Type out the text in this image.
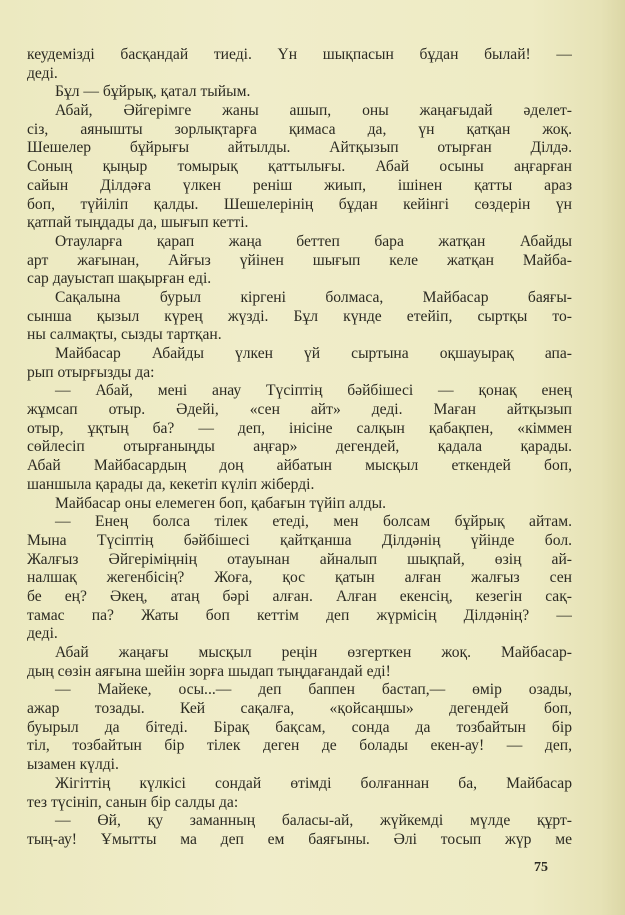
кеудемізді басқандай тиеді. Үн шықпасын бұдан былай! —
деді.
Бұл — бұйрық, қатал тыйым.
Абай, Әйгерімге жаны ашып, оны жаңағыдай әделет-
сіз, аянышты зорлықтарға қимаса да, үн қатқан жоқ.
Шешелер бұйрығы айтылды. Айтқызып отырған Ділдә.
Соның қыңыр томырық қаттылығы. Абай осыны аңғарған
сайын Ділдәға үлкен реніш жиып, ішінен қатты араз
боп, түйіліп қалды. Шешелерінің бұдан кейінгі сөздерін үн
қатпай тыңдады да, шығып кетті.
Отауларға қарап жаңа беттеп бара жатқан Абайды
арт жағынан, Айғыз үйінен шығып келе жатқан Майба-
сар дауыстап шақырған еді.
Сақалына бурыл кіргені болмаса, Майбасар баяғы-
сынша қызыл күрең жүзді. Бұл күнде етейіп, сыртқы то-
ны салмақты, сызды тартқан.
Майбасар Абайды үлкен үй сыртына оқшауырақ апа-
рып отырғызды да:
— Абай, мені анау Түсіптің бәйбішесі — қонақ енең
жұмсап отыр. Әдейі, «сен айт» деді. Маған айтқызып
отыр, ұқтың ба? — деп, інісіне салқын қабақпен, «кіммен
сөйлесіп отырғаныңды аңғар» дегендей, қадала қарады.
Абай Майбасардың доң айбатын мысқыл еткендей боп,
шаншыла қарады да, кекетіп күліп жіберді.
Майбасар оны елемеген боп, қабағын түйіп алды.
— Енең болса тілек етеді, мен болсам бұйрық айтам.
Мына Түсіптің бәйбішесі қайтқанша Ділдәнің үйінде бол.
Жалғыз Әйгеріміңнің отауынан айналып шықпай, өзің ай-
налшақ жегенбісің? Жоға, қос қатын алған жалғыз сен
бе ең? Әкең, атаң бәрі алған. Алған екенсің, кезегін сақ-
тамас па? Жаты боп кеттім деп жүрмісің Ділдәнің? —
деді.
Абай жаңағы мысқыл реңін өзгерткен жоқ. Майбасар-
дың сөзін аяғына шейін зорға шыдап тыңдағандай еді!
— Майеке, осы...— деп баппен бастап,— өмір озады,
ажар тозады. Кей сақалға, «қойсаңшы» дегендей боп,
буырыл да бітеді. Бірақ бақсам, сонда да тозбайтын бір
тіл, тозбайтын бір тілек деген де болады екен-ау! — деп,
ызамен күлді.
Жігіттің күлкісі сондай өтімді болғаннан ба, Майбасар
тез түсініп, санын бір салды да:
— Өй, қу заманның баласы-ай, жүйкемді мүлде құрт-
тың-ау! Ұмытты ма деп ем баяғыны. Әлі тосып жүр ме
75
